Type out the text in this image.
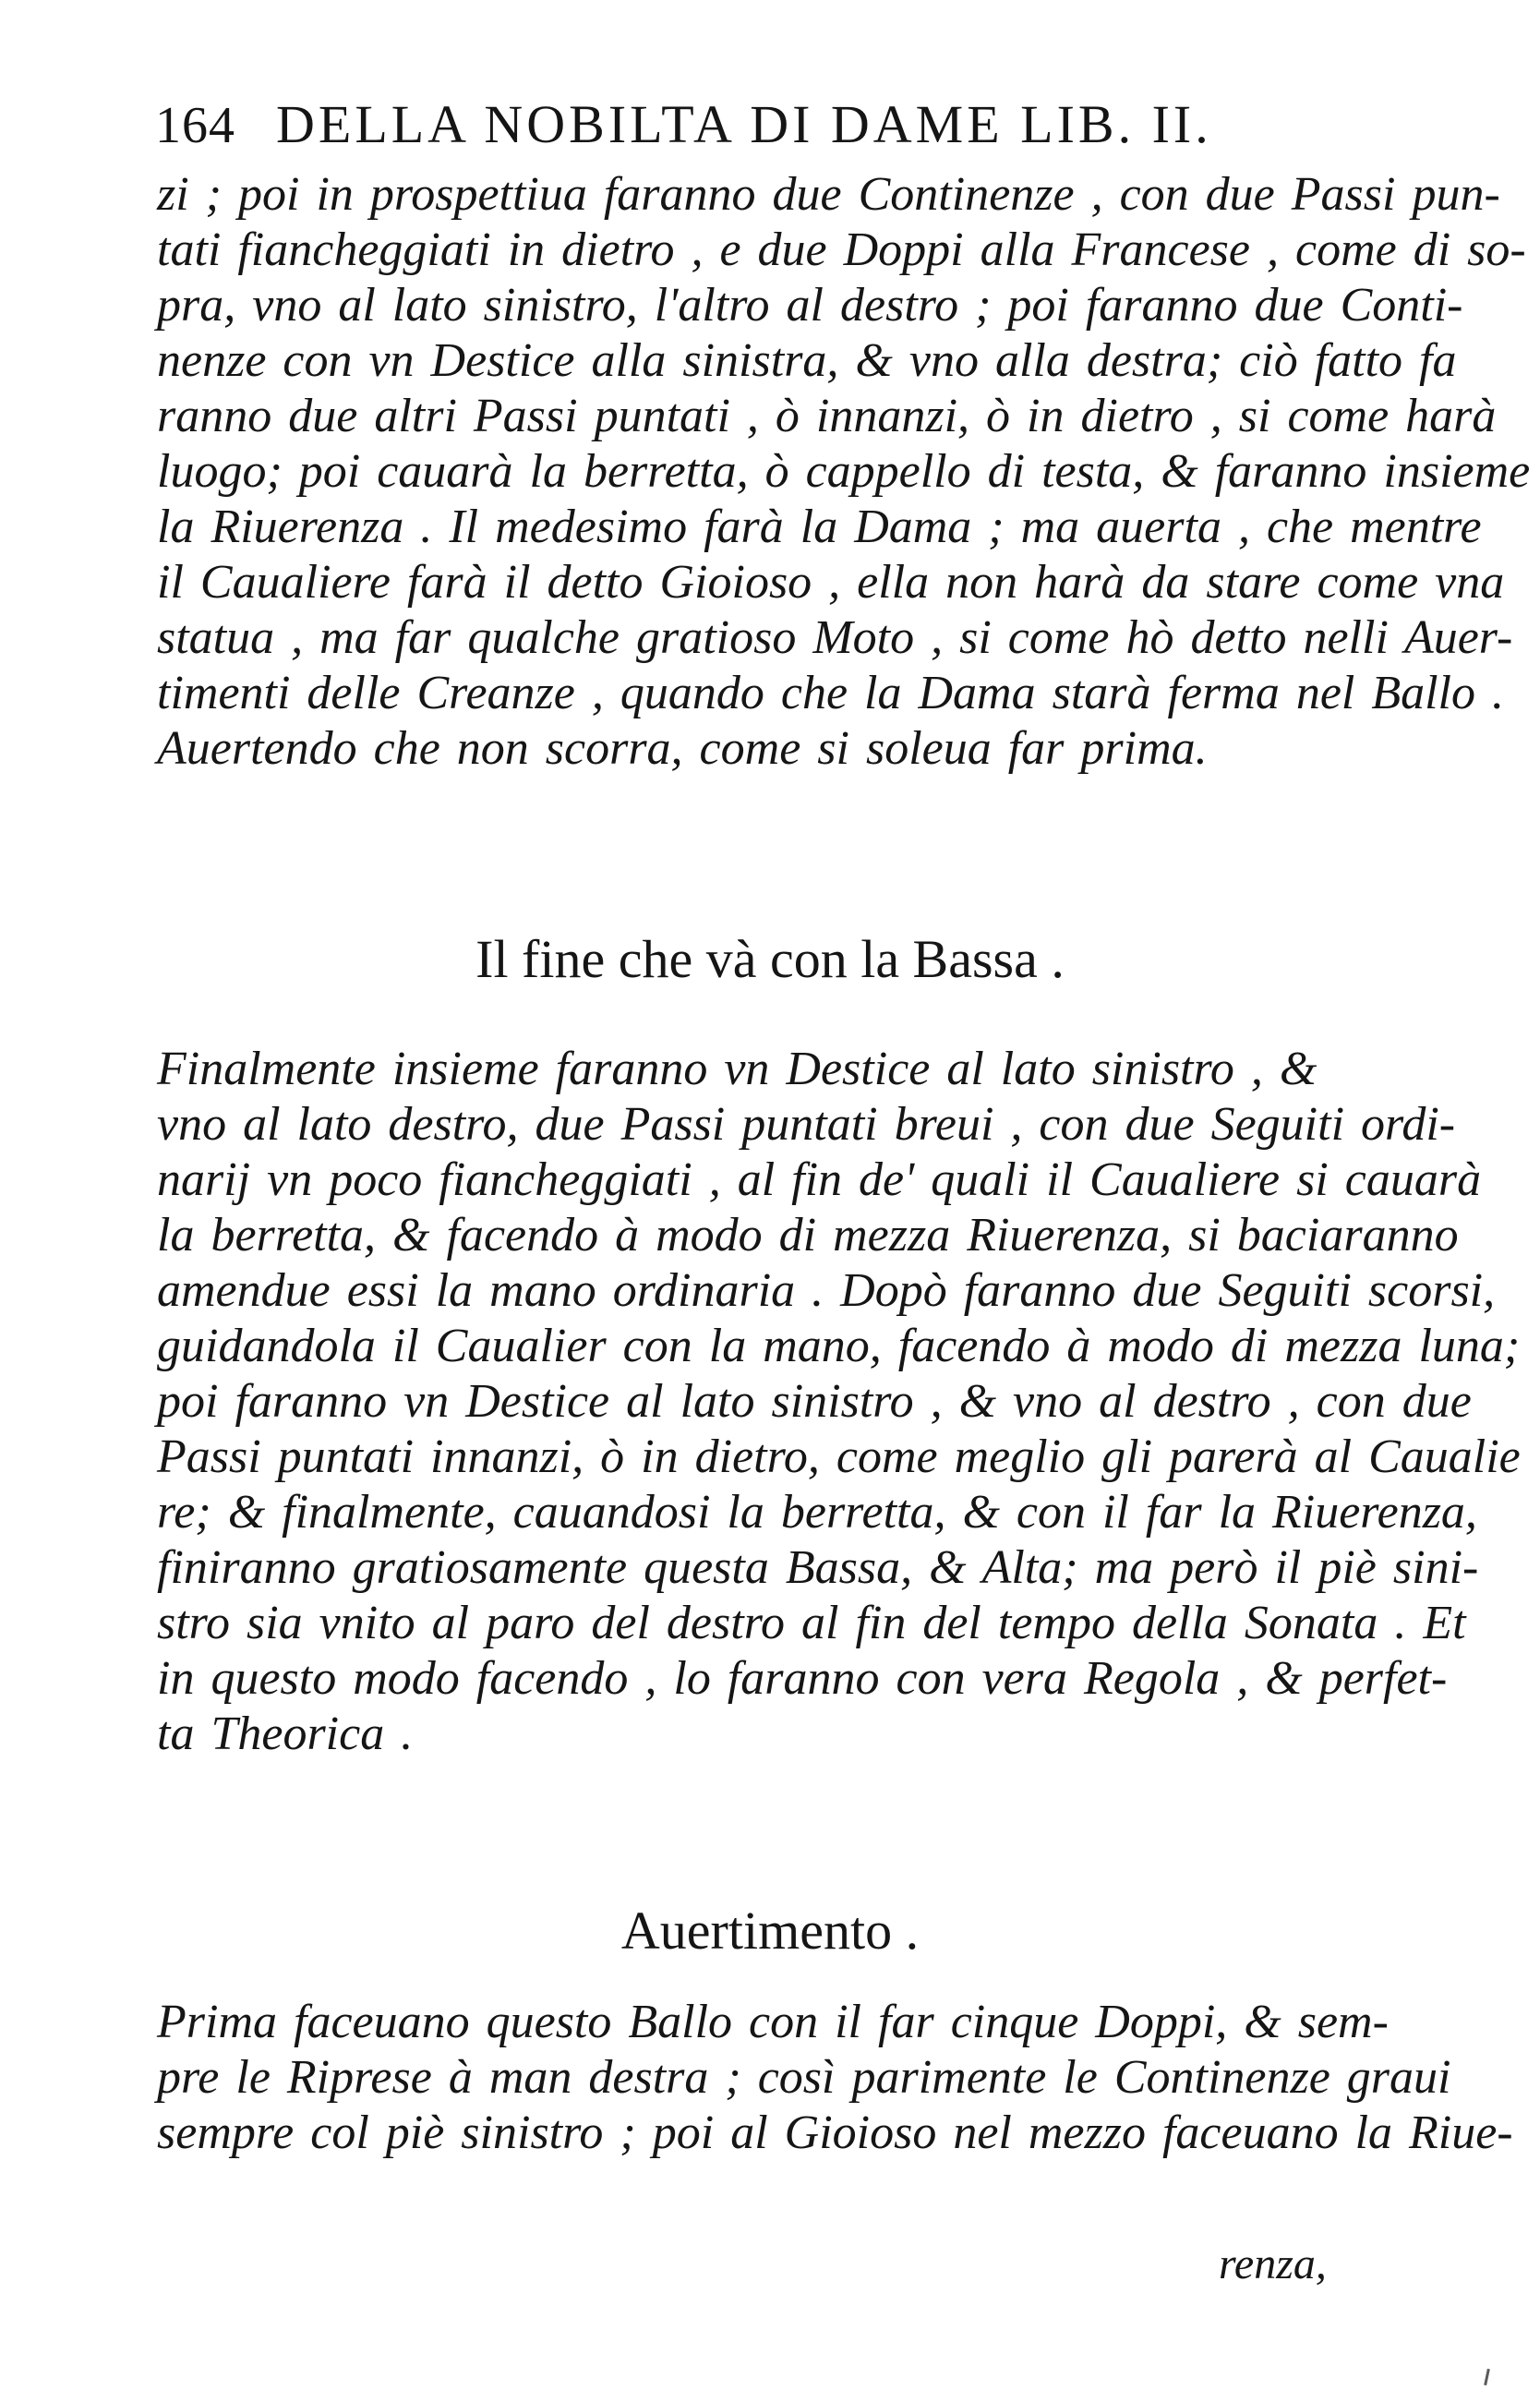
164 DELLA NOBILTA DI DAME LIB. II.
zi ; poi in prospettiua faranno due Continenze , con due Passi pun-
tati fiancheggiati in dietro , e due Doppi alla Francese , come di so-
pra, vno al lato sinistro, l'altro al destro ; poi faranno due Conti-
nenze con vn Destice alla sinistra, & vno alla destra; ciò fatto fa
ranno due altri Passi puntati , ò innanzi, ò in dietro , si come harà
luogo; poi cauarà la berretta, ò cappello di testa, & faranno insieme
la Riuerenza . Il medesimo farà la Dama ; ma auerta , che mentre
il Caualiere farà il detto Gioioso , ella non harà da stare come vna
statua , ma far qualche gratioso Moto , si come hò detto nelli Auer-
timenti delle Creanze , quando che la Dama starà ferma nel Ballo .
Auertendo che non scorra, come si soleua far prima.
Il fine che và con la Bassa .
Finalmente insieme faranno vn Destice al lato sinistro , &
vno al lato destro, due Passi puntati breui , con due Seguiti ordi-
narij vn poco fiancheggiati , al fin de' quali il Caualiere si cauarà
la berretta, & facendo à modo di mezza Riuerenza, si baciaranno
amendue essi la mano ordinaria . Dopò faranno due Seguiti scorsi,
guidandola il Caualier con la mano, facendo à modo di mezza luna;
poi faranno vn Destice al lato sinistro , & vno al destro , con due
Passi puntati innanzi, ò in dietro, come meglio gli parerà al Caualie
re; & finalmente, cauandosi la berretta, & con il far la Riuerenza,
finiranno gratiosamente questa Bassa, & Alta; ma però il piè sini-
stro sia vnito al paro del destro al fin del tempo della Sonata . Et
in questo modo facendo , lo faranno con vera Regola , & perfet-
ta Theorica .
Auertimento .
Prima faceuano questo Ballo con il far cinque Doppi, & sem-
pre le Riprese à man destra ; così parimente le Continenze graui
sempre col piè sinistro ; poi al Gioioso nel mezzo faceuano la Riue-
renza,
